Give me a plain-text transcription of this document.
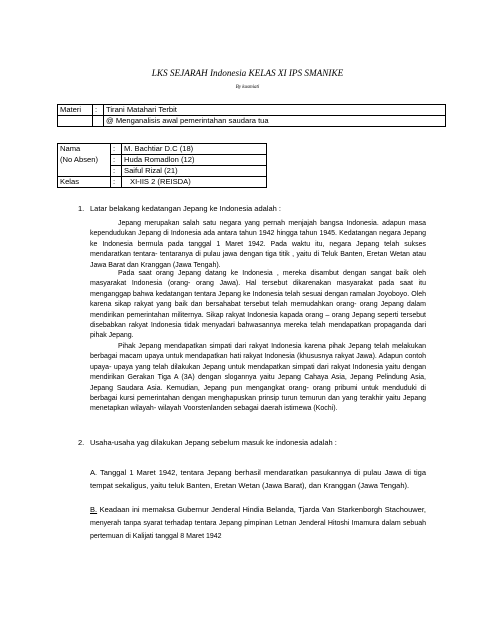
LKS SEJARAH Indonesia KELAS XI IPS SMANIKE
By kusmiati
Materi	:	Tirani Matahari Terbit
		@ Menganalisis awal pemerintahan saudara tua
Nama	:	M. Bachtiar D.C (18)
(No Absen)	:	Huda Romadlon (12)
	:	Saiful Rizal (21)
Kelas	:	XI-IIS 2 (REISDA)
1. Latar belakang kedatangan Jepang ke Indonesia adalah :

Jepang merupakan salah satu negara yang pernah menjajah bangsa Indonesia. adapun masa kependudukan Jepang di Indonesia ada antara tahun 1942 hingga tahun 1945. Kedatangan negara Jepang ke Indonesia bermula pada tanggal 1 Maret 1942. Pada waktu itu, negara Jepang telah sukses mendaratkan tentara- tentaranya di pulau jawa dengan tiga titik , yaitu di Teluk Banten, Eretan Wetan atau Jawa Barat dan Kranggan (Jawa Tengah).

Pada saat orang Jepang datang ke Indonesia , mereka disambut dengan sangat baik oleh masyarakat Indonesia (orang- orang Jawa). Hal tersebut dikarenakan masyarakat pada saat itu menganggap bahwa kedatangan tentara Jepang ke Indonesia telah sesuai dengan ramalan Joyoboyo. Oleh karena sikap rakyat yang baik dan bersahabat tersebut telah memudahkan orang- orang Jepang dalam mendirikan pemerintahan militernya. Sikap rakyat Indonesia kapada orang – orang Jepang seperti tersebut disebabkan rakyat Indonesia tidak menyadari bahwasannya mereka telah mendapatkan propaganda dari pihak Jepang.

Pihak Jepang mendapatkan simpati dari rakyat Indonesia karena pihak Jepang telah melakukan berbagai macam upaya untuk mendapatkan hati rakyat Indonesia (khususnya rakyat Jawa). Adapun contoh upaya- upaya yang telah dilakukan Jepang untuk mendapatkan simpati dari rakyat Indonesia yaitu dengan mendirikan Gerakan Tiga A (3A) dengan slogannya yaitu Jepang Cahaya Asia, Jepang Pelindung Asia, Jepang Saudara Asia. Kemudian, Jepang pun mengangkat orang- orang pribumi untuk menduduki di berbagai kursi pemerintahan dengan menghapuskan prinsip turun temurun dan yang terakhir yaitu Jepang menetapkan wilayah- wilayah Voorstenlanden sebagai daerah istimewa (Kochi).

2. Usaha-usaha yag dilakukan Jepang sebelum masuk ke indonesia adalah :

A. Tanggal 1 Maret 1942, tentara Jepang berhasil mendaratkan pasukannya di pulau Jawa di tiga tempat sekaligus, yaitu teluk Banten, Eretan Wetan (Jawa Barat), dan Kranggan (Jawa Tengah).

B. Keadaan ini memaksa Gubernur Jenderal Hindia Belanda, Tjarda Van Starkenborgh Stachouwer, menyerah tanpa syarat terhadap tentara Jepang pimpinan Letnan Jenderal Hitoshi Imamura dalam sebuah pertemuan di Kalijati tanggal 8 Maret 1942
